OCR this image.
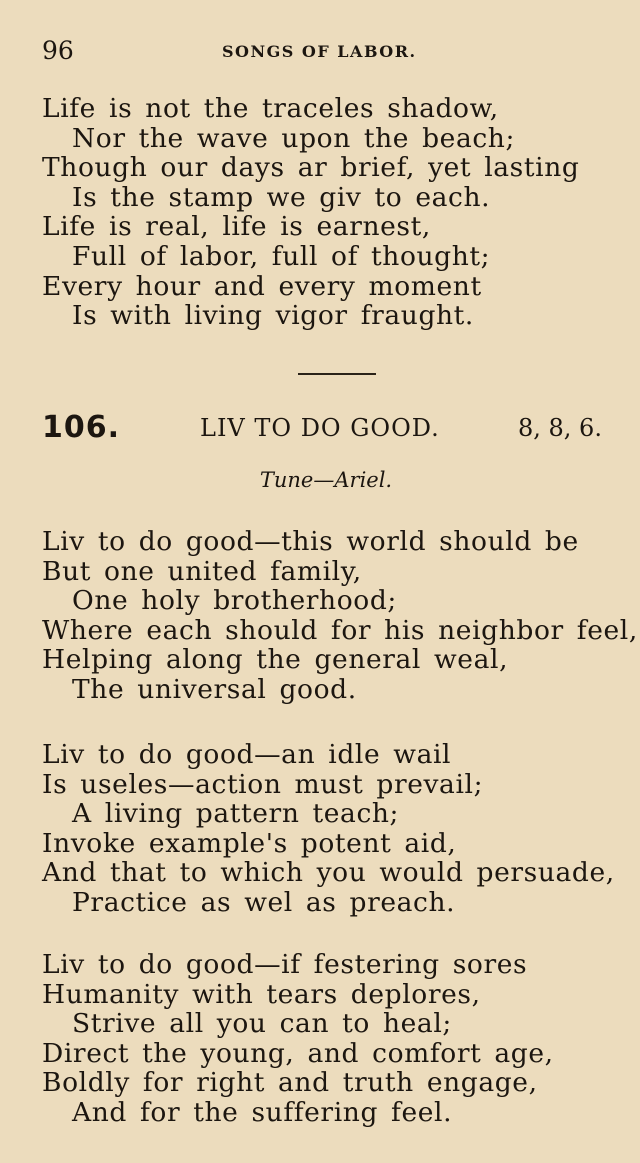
96	SONGS OF LABOR.
Life is not the traceles shadow,
Nor the wave upon the beach;
Though our days ar brief, yet lasting
Is the stamp we giv to each.
Life is real, life is earnest,
Full of labor, full of thought;
Every hour and every moment
Is with living vigor fraught.
106.	LIV TO DO GOOD.	8, 8, 6.
Tune—Ariel.
Liv to do good—this world should be
But one united family,
One holy brotherhood;
Where each should for his neighbor feel,
Helping along the general weal,
The universal good.
Liv to do good—an idle wail
Is useles—action must prevail;
A living pattern teach;
Invoke example's potent aid,
And that to which you would persuade,
Practice as wel as preach.
Liv to do good—if festering sores
Humanity with tears deplores,
Strive all you can to heal;
Direct the young, and comfort age,
Boldly for right and truth engage,
And for the suffering feel.
